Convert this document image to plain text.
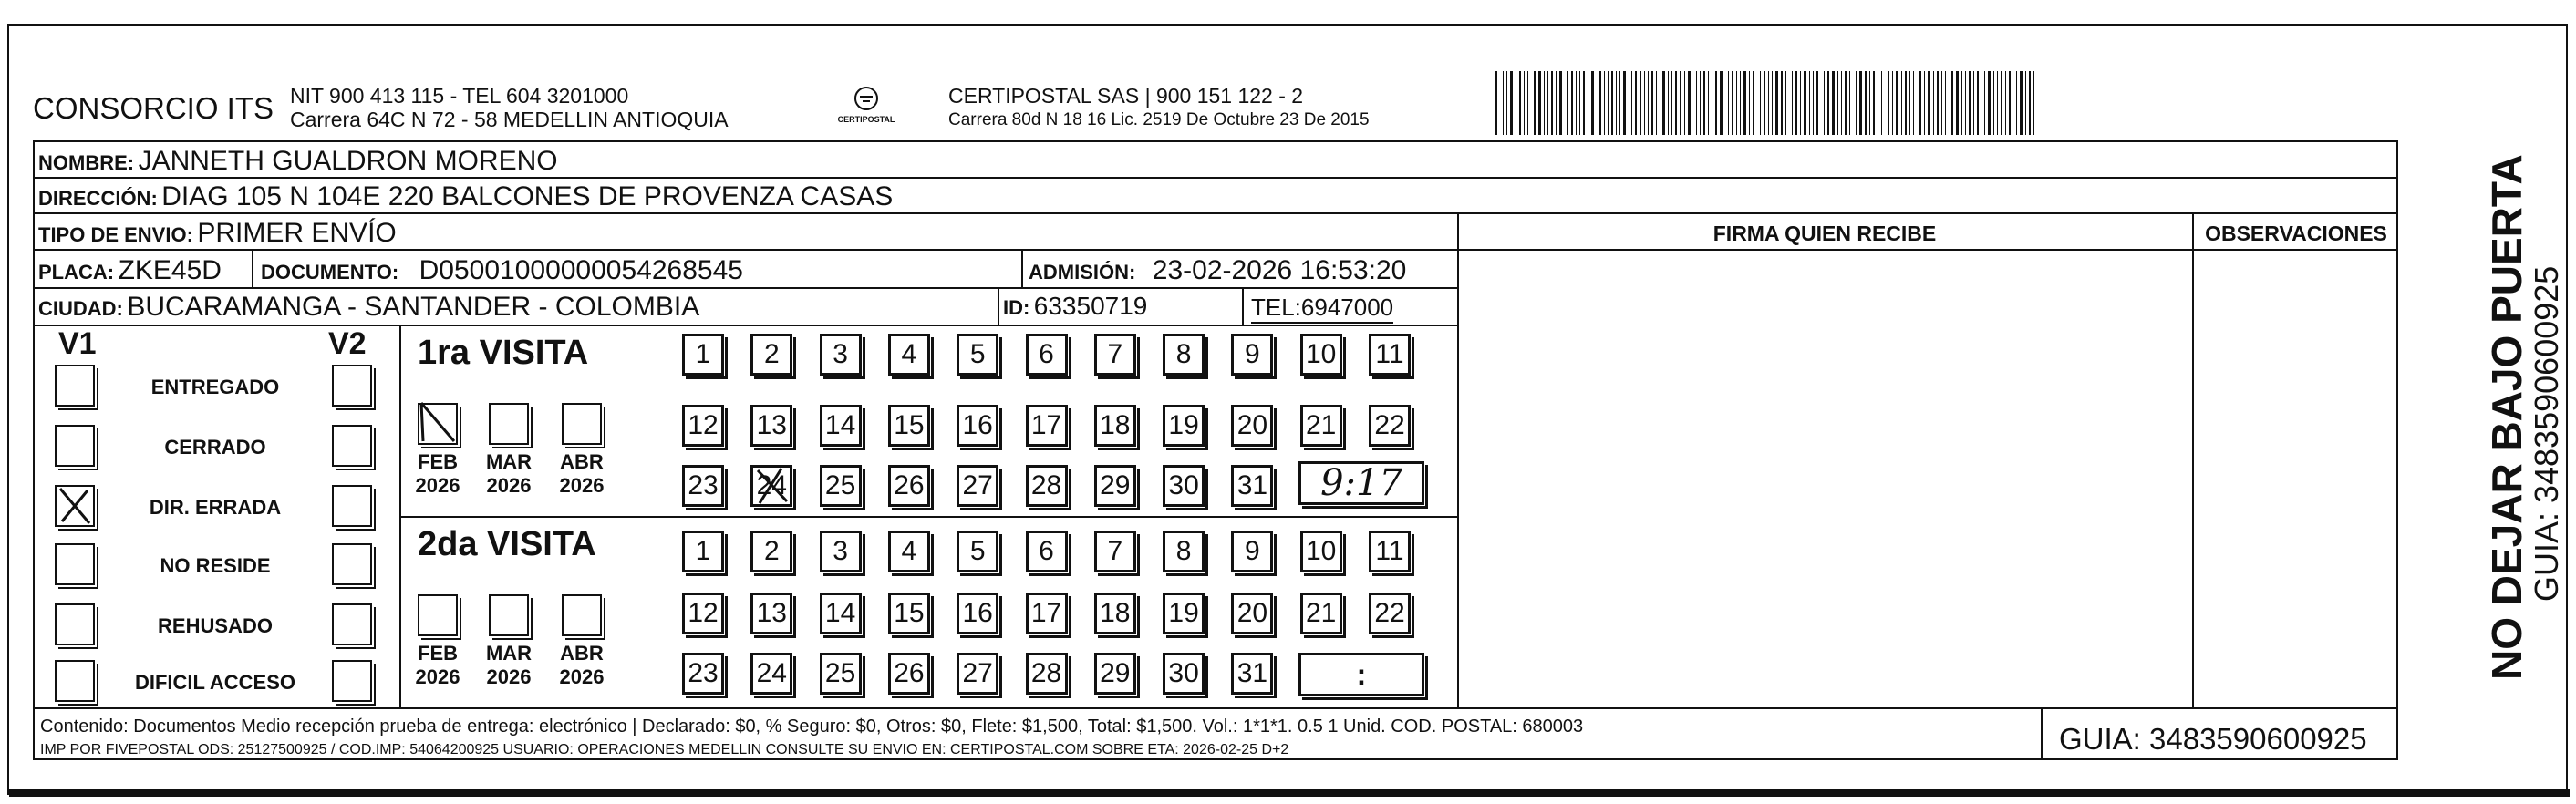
CONSORCIO ITS NIT 900 413 115 - TEL 604 3201000
Carrera 64C N 72 - 58 MEDELLIN ANTIOQUIA	CERTIPOSTAL
CERTIPOSTAL SAS | 900 151 122 - 2
Carrera 80d N 18 16 Lic. 2519 De Octubre 23 De 2015
NOMBRE: JANNETH GUALDRON MORENO
DIRECCIÓN: DIAG 105 N 104E 220 BALCONES DE PROVENZA CASAS
TIPO DE ENVIO: PRIMER ENVÍO	FIRMA QUIEN RECIBE	OBSERVACIONES
PLACA: ZKE45D DOCUMENTO: D05001000000054268545	ADMISIÓN: 23-02-2026 16:53:20
CIUDAD: BUCARAMANGA - SANTANDER - COLOMBIA	ID: 63350719	TEL:6947000
V1	V2
ENTREGADO
CERRADO
DIR. ERRADA
NO RESIDE
REHUSADO
DIFICIL ACCESO
1ra VISITA
2da VISITA
FEB
2026
MAR
2026
ABR
2026
FEB
2026
MAR
2026
ABR
2026
1 2 3 4 5 6 7 8 9 10 11
12 13 14 15 16 17 18 19 20 21 22
23 24 25 26 27 28 29 30 31
1 2 3 4 5 6 7 8 9 10 11
12 13 14 15 16 17 18 19 20 21 22
23 24 25 26 27 28 29 30 31
9:17
:
Contenido: Documentos Medio recepción prueba de entrega: electrónico | Declarado: $0, % Seguro: $0, Otros: $0, Flete: $1,500, Total: $1,500. Vol.: 1*1*1. 0.5 1 Unid. COD. POSTAL: 680003
IMP POR FIVEPOSTAL ODS: 25127500925 / COD.IMP: 54064200925 USUARIO: OPERACIONES MEDELLIN CONSULTE SU ENVIO EN: CERTIPOSTAL.COM SOBRE ETA: 2026-02-25 D+2	GUIA: 3483590600925
NO DEJAR BAJO PUERTA
GUIA: 3483590600925
